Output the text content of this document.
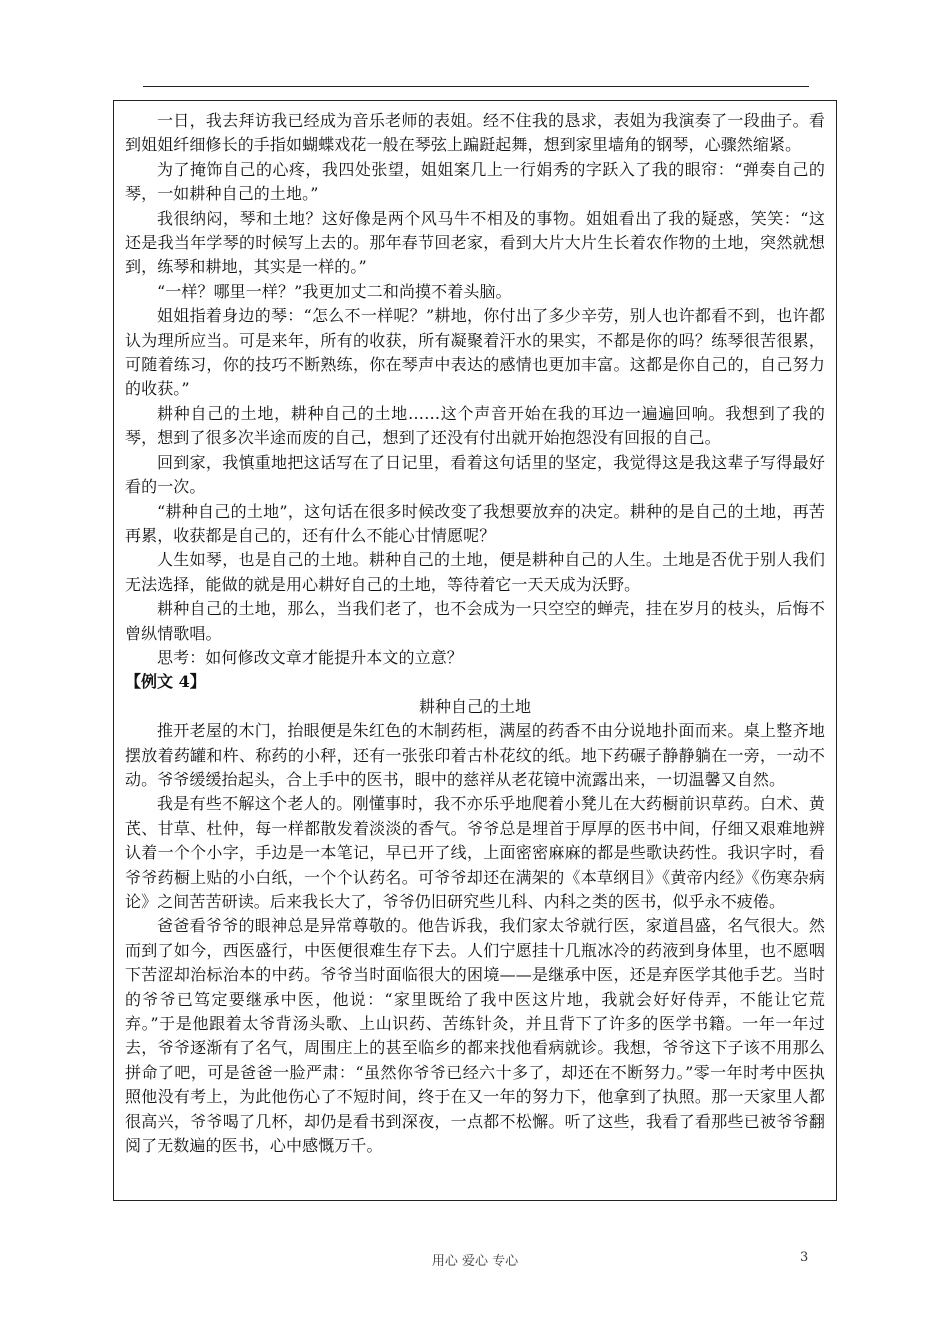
一日，我去拜访我已经成为音乐老师的表姐。经不住我的恳求，表姐为我演奏了一段曲子。看到姐姐纤细修长的手指如蝴蝶戏花一般在琴弦上蹁跹起舞，想到家里墙角的钢琴，心骤然缩紧。

为了掩饰自己的心疼，我四处张望，姐姐案几上一行娟秀的字跃入了我的眼帘：“弹奏自己的琴，一如耕种自己的土地。”

我很纳闷，琴和土地？这好像是两个风马牛不相及的事物。姐姐看出了我的疑惑，笑笑：“这还是我当年学琴的时候写上去的。那年春节回老家，看到大片大片生长着农作物的土地，突然就想到，练琴和耕地，其实是一样的。”

“一样？哪里一样？”我更加丈二和尚摸不着头脑。

姐姐指着身边的琴：“怎么不一样呢？”耕地，你付出了多少辛劳，别人也许都看不到，也许都认为理所应当。可是来年，所有的收获，所有凝聚着汗水的果实，不都是你的吗？练琴很苦很累，可随着练习，你的技巧不断熟练，你在琴声中表达的感情也更加丰富。这都是你自己的，自己努力的收获。”

耕种自己的土地，耕种自己的土地……这个声音开始在我的耳边一遍遍回响。我想到了我的琴，想到了很多次半途而废的自己，想到了还没有付出就开始抱怨没有回报的自己。

回到家，我慎重地把这话写在了日记里，看着这句话里的坚定，我觉得这是我这辈子写得最好看的一次。

“耕种自己的土地”，这句话在很多时候改变了我想要放弃的决定。耕种的是自己的土地，再苦再累，收获都是自己的，还有什么不能心甘情愿呢？

人生如琴，也是自己的土地。耕种自己的土地，便是耕种自己的人生。土地是否优于别人我们无法选择，能做的就是用心耕好自己的土地，等待着它一天天成为沃野。

耕种自己的土地，那么，当我们老了，也不会成为一只空空的蝉壳，挂在岁月的枝头，后悔不曾纵情歌唱。

思考：如何修改文章才能提升本文的立意？

【例文 4】

耕种自己的土地

推开老屋的木门，抬眼便是朱红色的木制药柜，满屋的药香不由分说地扑面而来。桌上整齐地摆放着药罐和杵、称药的小秤，还有一张张印着古朴花纹的纸。地下药碾子静静躺在一旁，一动不动。爷爷缓缓抬起头，合上手中的医书，眼中的慈祥从老花镜中流露出来，一切温馨又自然。

我是有些不解这个老人的。刚懂事时，我不亦乐乎地爬着小凳儿在大药橱前识草药。白术、黄芪、甘草、杜仲，每一样都散发着淡淡的香气。爷爷总是埋首于厚厚的医书中间，仔细又艰难地辨认着一个个小字，手边是一本笔记，早已开了线，上面密密麻麻的都是些歌诀药性。我识字时，看爷爷药橱上贴的小白纸，一个个认药名。可爷爷却还在满架的《本草纲目》《黄帝内经》《伤寒杂病论》之间苦苦研读。后来我长大了，爷爷仍旧研究些儿科、内科之类的医书，似乎永不疲倦。

爸爸看爷爷的眼神总是异常尊敬的。他告诉我，我们家太爷就行医，家道昌盛，名气很大。然而到了如今，西医盛行，中医便很难生存下去。人们宁愿挂十几瓶冰冷的药液到身体里，也不愿咽下苦涩却治标治本的中药。爷爷当时面临很大的困境——是继承中医，还是弃医学其他手艺。当时的爷爷已笃定要继承中医，他说：“家里既给了我中医这片地，我就会好好侍弄，不能让它荒弃。”于是他跟着太爷背汤头歌、上山识药、苦练针灸，并且背下了许多的医学书籍。一年一年过去，爷爷逐渐有了名气，周围庄上的甚至临乡的都来找他看病就诊。我想，爷爷这下子该不用那么拼命了吧，可是爸爸一脸严肃：“虽然你爷爷已经六十多了，却还在不断努力。”零一年时考中医执照他没有考上，为此他伤心了不短时间，终于在又一年的努力下，他拿到了执照。那一天家里人都很高兴，爷爷喝了几杯，却仍是看书到深夜，一点都不松懈。听了这些，我看了看那些已被爷爷翻阅了无数遍的医书，心中感慨万千。

用心 爱心 专心	3
